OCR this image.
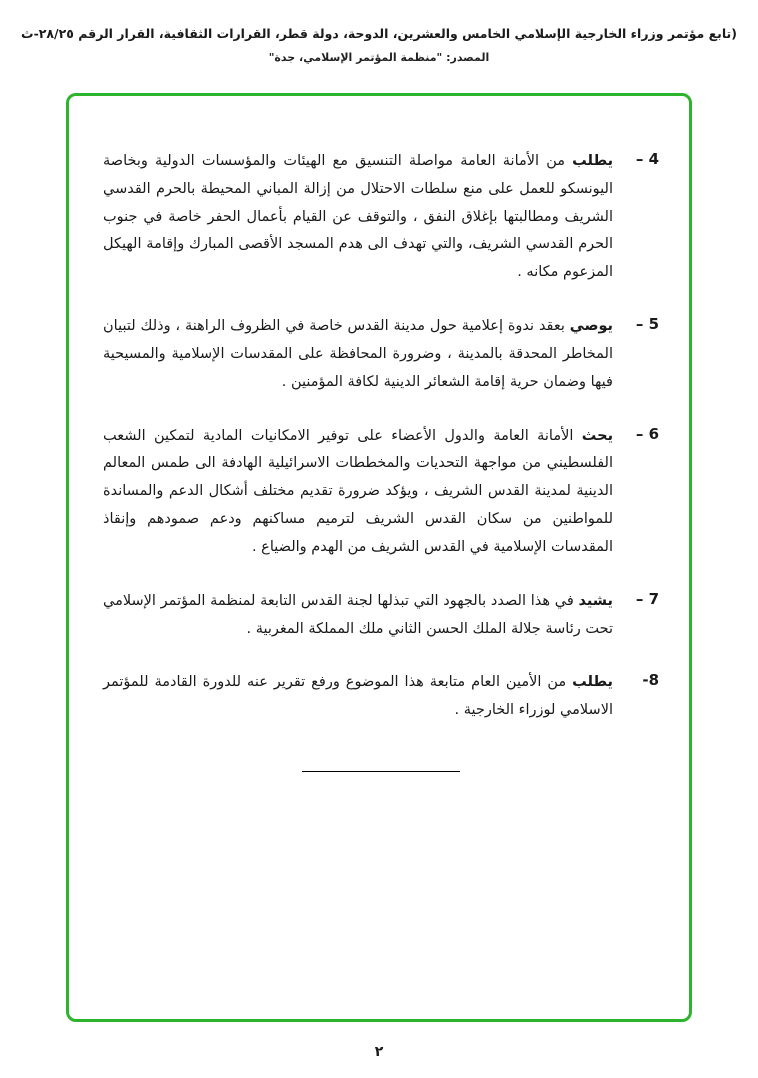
(تابع مؤتمر وزراء الخارجية الإسلامي الخامس والعشرين، الدوحة، دولة قطر، القرارات الثقافية، القرار الرقم ٢٨/٢٥-ث
المصدر: "منظمة المؤتمر الإسلامي، جدة"
4 –
يطلب من الأمانة العامة مواصلة التنسيق مع الهيئات والمؤسسات الدولية وبخاصة اليونسكو للعمل على منع سلطات الاحتلال من إزالة المباني المحيطة بالحرم القدسي الشريف ومطالبتها بإغلاق النفق ، والتوقف عن القيام بأعمال الحفر خاصة في جنوب الحرم القدسي الشريف، والتي تهدف الى هدم المسجد الأقصى المبارك وإقامة الهيكل المزعوم مكانه .
5 –
يوصي بعقد ندوة إعلامية حول مدينة القدس خاصة في الظروف الراهنة ، وذلك لتبيان المخاطر المحدقة بالمدينة ، وضرورة المحافظة على المقدسات الإسلامية والمسيحية فيها وضمان حرية إقامة الشعائر الدينية لكافة المؤمنين .
6 –
يحث الأمانة العامة والدول الأعضاء على توفير الامكانيات المادية لتمكين الشعب الفلسطيني من مواجهة التحديات والمخططات الاسرائيلية الهادفة الى طمس المعالم الدينية لمدينة القدس الشريف ، ويؤكد ضرورة تقديم مختلف أشكال الدعم والمساندة للمواطنين من سكان القدس الشريف لترميم مساكنهم ودعم صمودهم وإنقاذ المقدسات الإسلامية في القدس الشريف من الهدم والضياع .
7 –
يشيد في هذا الصدد بالجهود التي تبذلها لجنة القدس التابعة لمنظمة المؤتمر الإسلامي تحت رئاسة جلالة الملك الحسن الثاني ملك المملكة المغربية .
8-
يطلب من الأمين العام متابعة هذا الموضوع ورفع تقرير عنه للدورة القادمة للمؤتمر الاسلامي لوزراء الخارجية .
٢
